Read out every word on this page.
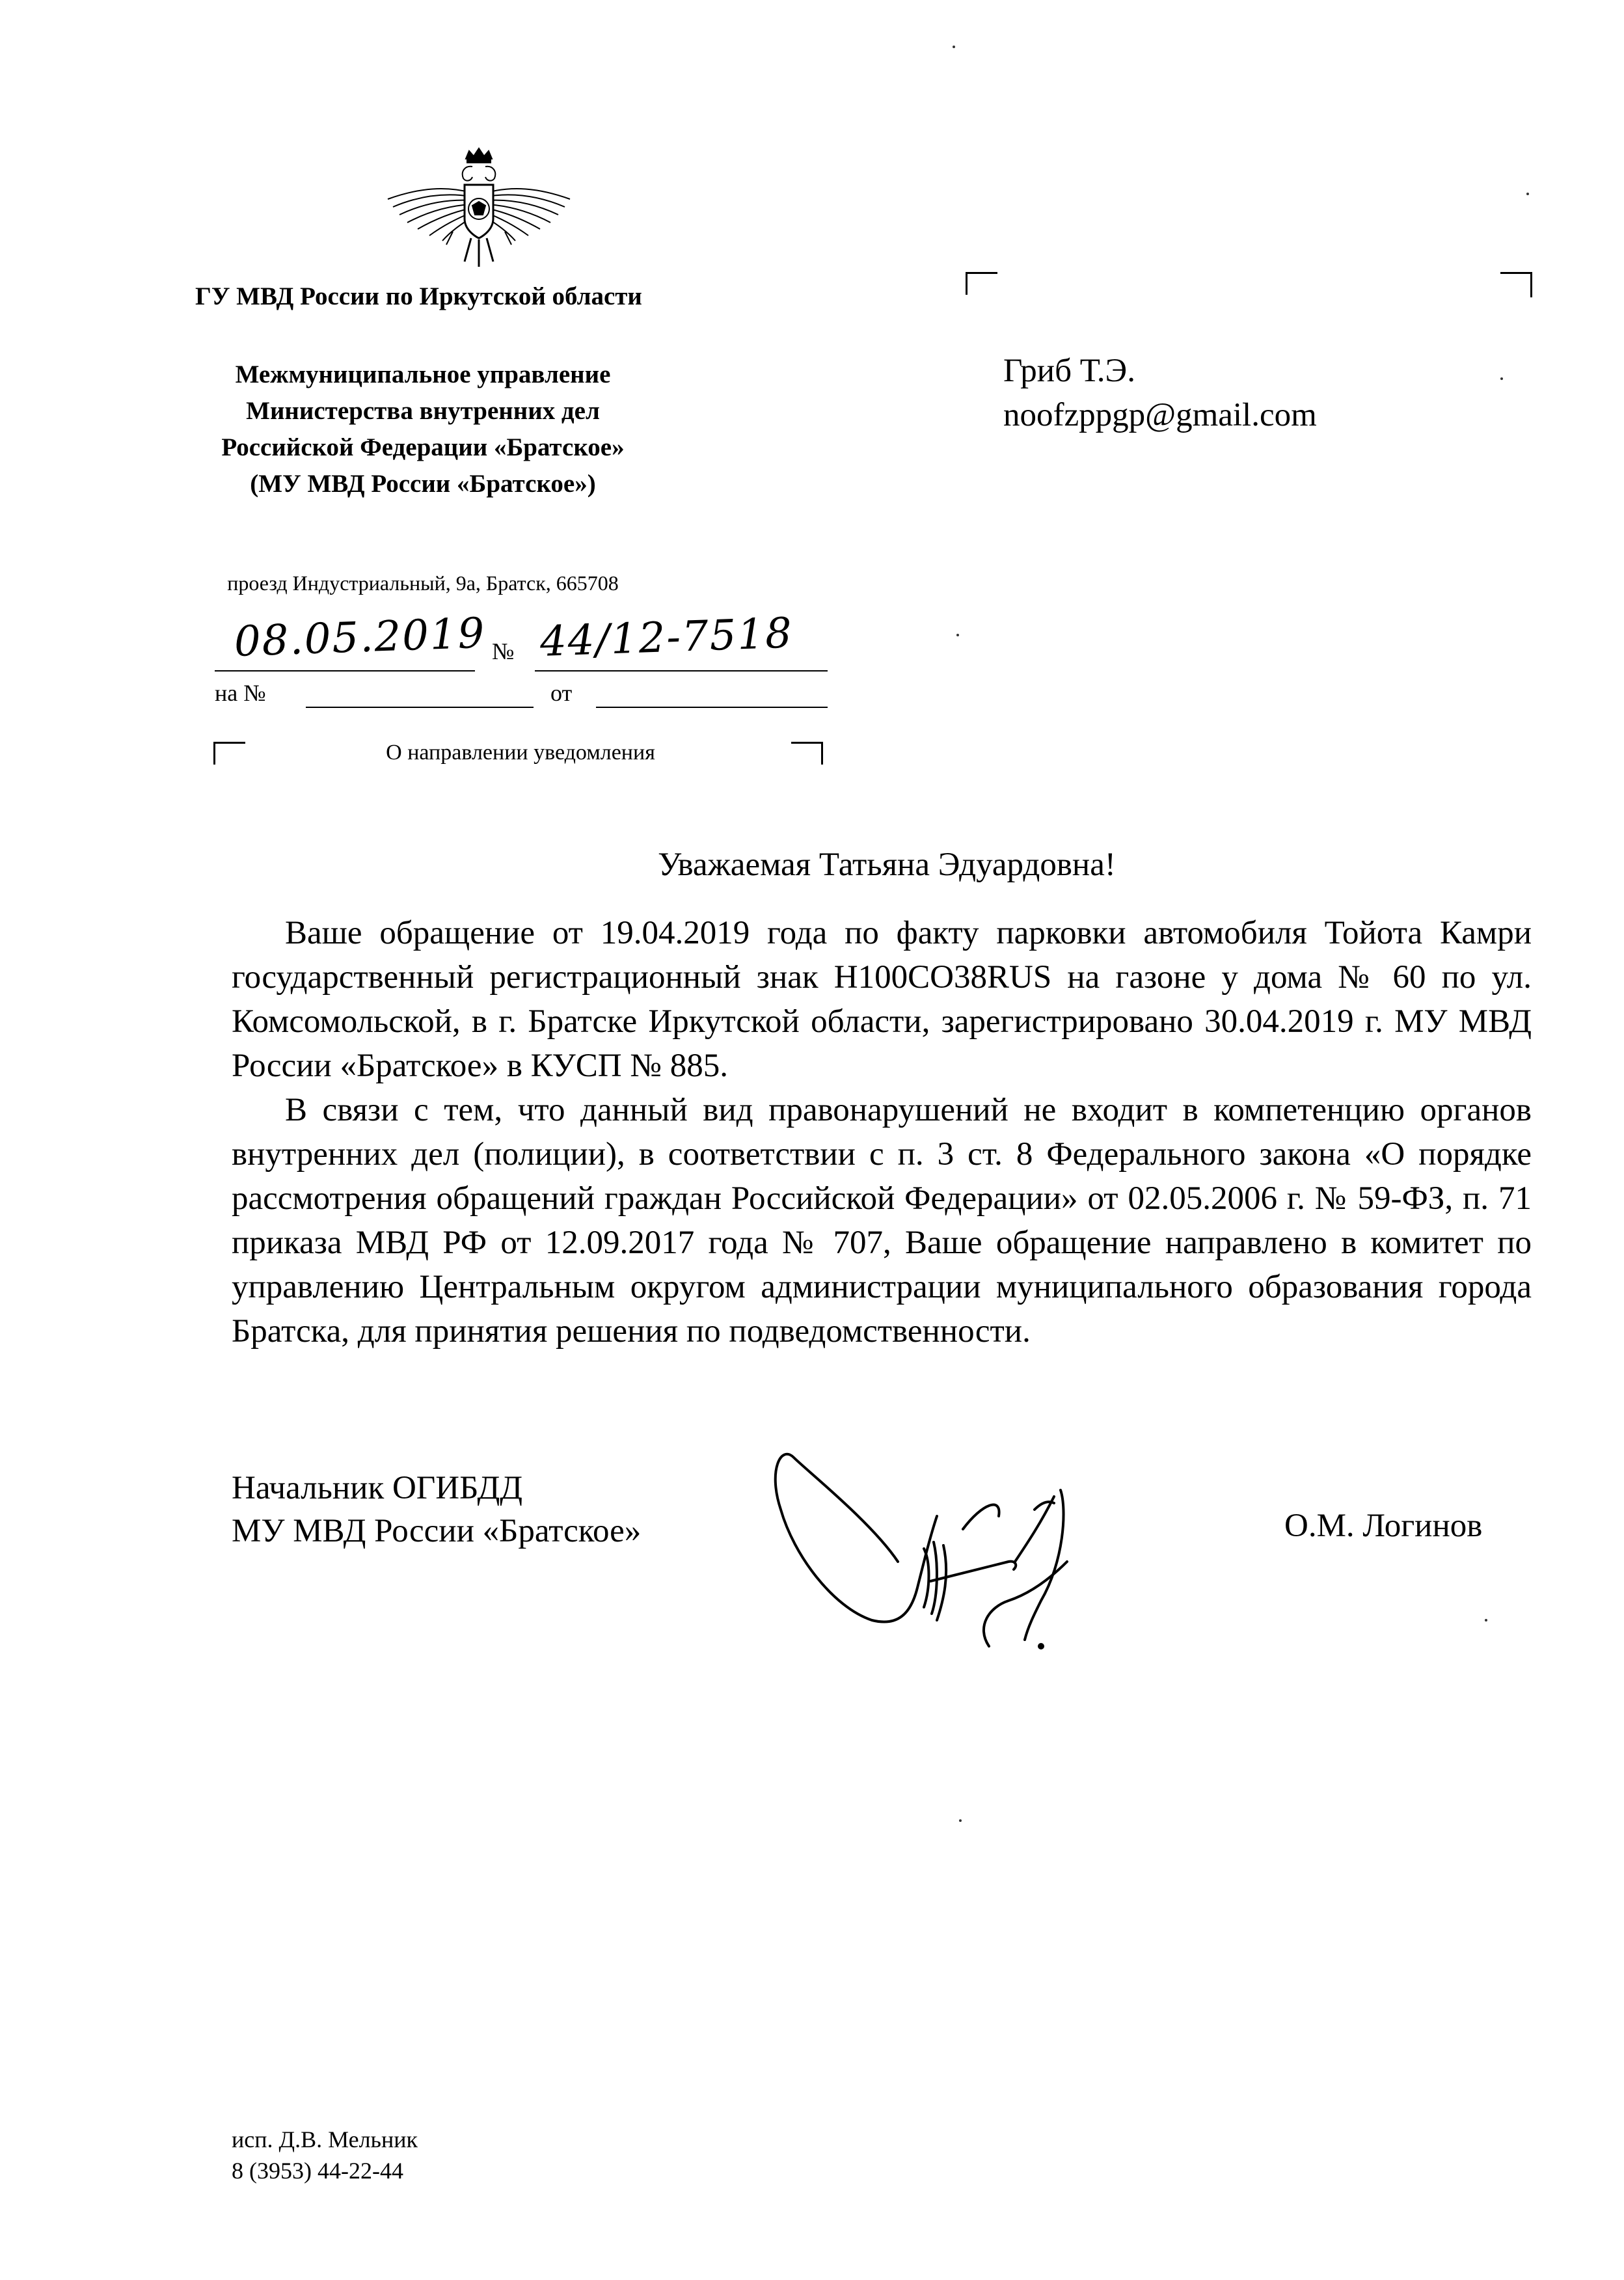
ГУ МВД России по Иркутской области
Межмуниципальное управление
Министерства внутренних дел
Российской Федерации «Братское»
(МУ МВД России «Братское»)
проезд Индустриальный, 9а, Братск, 665708
08.05.2019 № 44/12-7518
на №	от
О направлении уведомления
Гриб Т.Э.
noofzppgp@gmail.com
Уважаемая Татьяна Эдуардовна!

Ваше обращение от 19.04.2019 года по факту парковки автомобиля Тойота Камри государственный регистрационный знак Н100СО38RUS на газоне у дома № 60 по ул. Комсомольской, в г. Братске Иркутской области, зарегистрировано 30.04.2019 г. МУ МВД России «Братское» в КУСП № 885.

В связи с тем, что данный вид правонарушений не входит в компетенцию органов внутренних дел (полиции), в соответствии с п. 3 ст. 8 Федерального закона «О порядке рассмотрения обращений граждан Российской Федерации» от 02.05.2006 г. № 59-ФЗ, п. 71 приказа МВД РФ от 12.09.2017 года № 707, Ваше обращение направлено в комитет по управлению Центральным округом администрации муниципального образования города Братска, для принятия решения по подведомственности.

Начальник ОГИБДД
МУ МВД России «Братское»	О.М. Логинов
исп. Д.В. Мельник
8 (3953) 44-22-44
